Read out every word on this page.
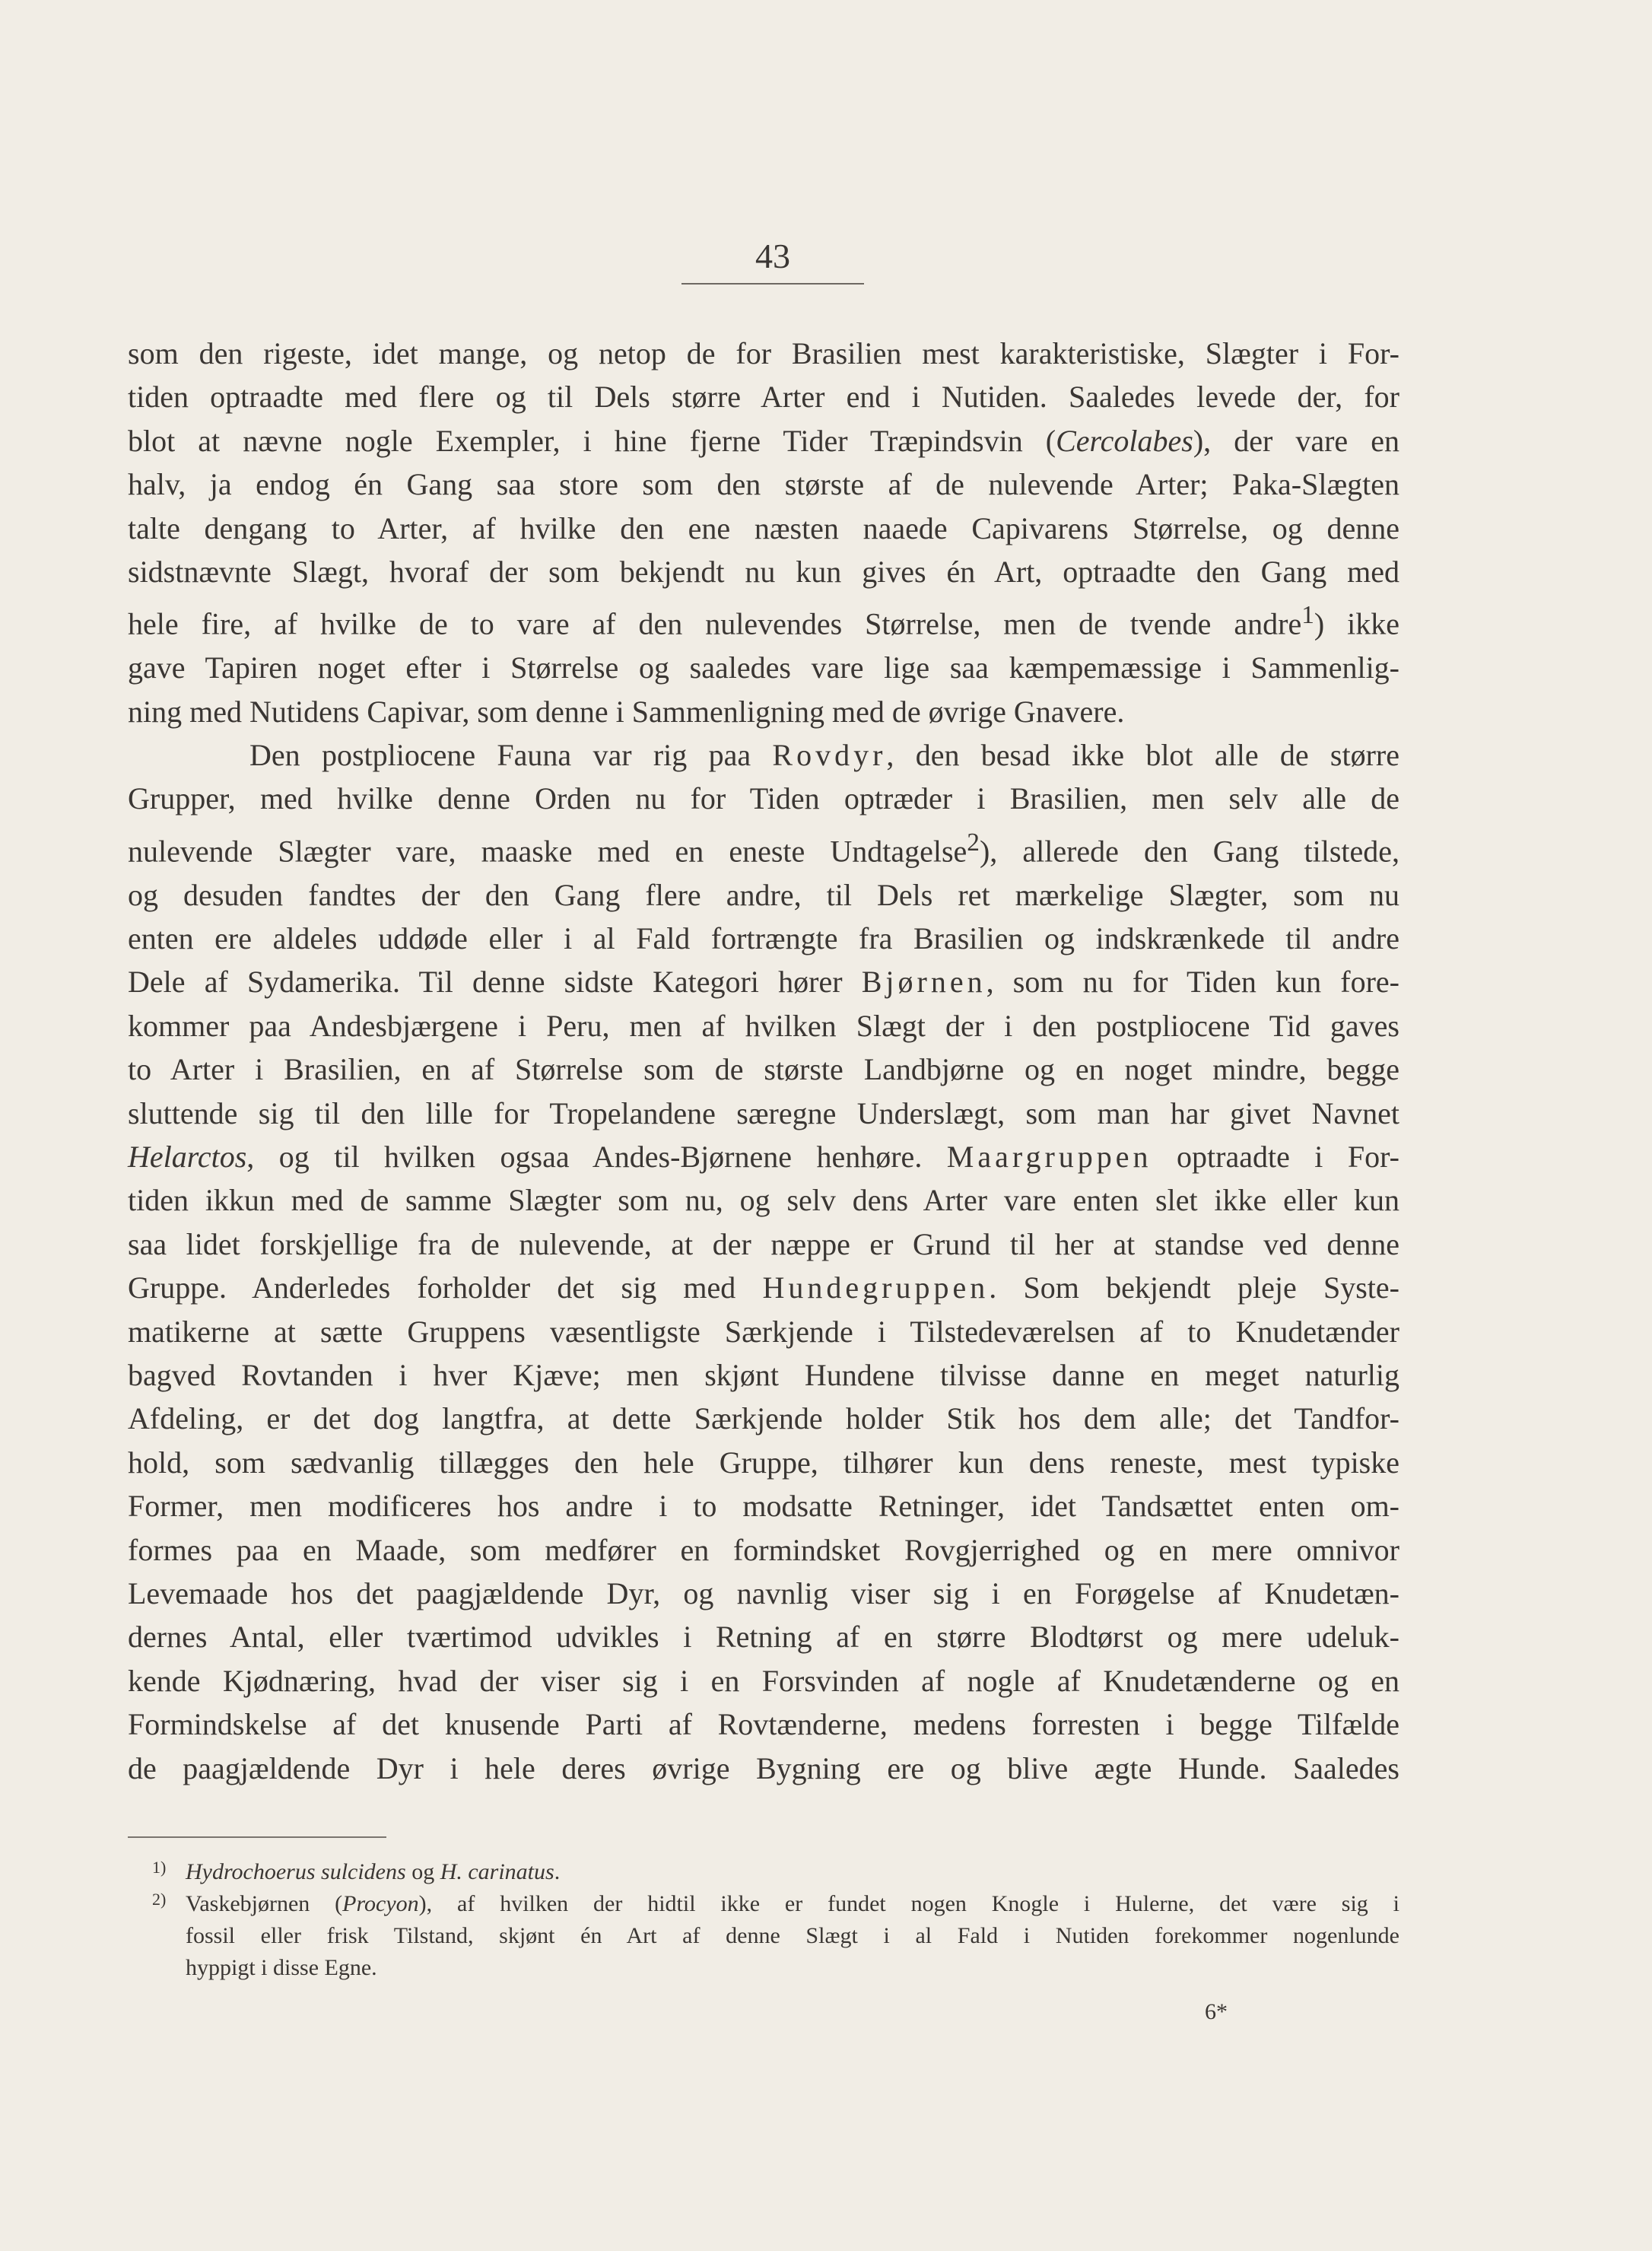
43

som den rigeste, idet mange, og netop de for Brasilien mest karakteristiske, Slægter i For-

tiden optraadte med flere og til Dels større Arter end i Nutiden. Saaledes levede der, for

blot at nævne nogle Exempler, i hine fjerne Tider Træpindsvin (Cercolabes), der vare en

halv, ja endog én Gang saa store som den største af de nulevende Arter; Paka-Slægten

talte dengang to Arter, af hvilke den ene næsten naaede Capivarens Størrelse, og denne

sidstnævnte Slægt, hvoraf der som bekjendt nu kun gives én Art, optraadte den Gang med

hele fire, af hvilke de to vare af den nulevendes Størrelse, men de tvende andre$^1$) ikke

gave Tapiren noget efter i Størrelse og saaledes vare lige saa kæmpemæssige i Sammenlig-

ning med Nutidens Capivar, som denne i Sammenligning med de øvrige Gnavere.

Den postpliocene Fauna var rig paa Rovdyr, den besad ikke blot alle de større

Grupper, med hvilke denne Orden nu for Tiden optræder i Brasilien, men selv alle de

nulevende Slægter vare, maaske med en eneste Undtagelse$^2$), allerede den Gang tilstede,

og desuden fandtes der den Gang flere andre, til Dels ret mærkelige Slægter, som nu

enten ere aldeles uddøde eller i al Fald fortrængte fra Brasilien og indskrænkede til andre

Dele af Sydamerika. Til denne sidste Kategori hører Bjørnen, som nu for Tiden kun fore-

kommer paa Andesbjærgene i Peru, men af hvilken Slægt der i den postpliocene Tid gaves

to Arter i Brasilien, en af Størrelse som de største Landbjørne og en noget mindre, begge

sluttende sig til den lille for Tropelandene særegne Underslægt, som man har givet Navnet

Helarctos, og til hvilken ogsaa Andes-Bjørnene henhøre. Maargruppen optraadte i For-

tiden ikkun med de samme Slægter som nu, og selv dens Arter vare enten slet ikke eller kun

saa lidet forskjellige fra de nulevende, at der næppe er Grund til her at standse ved denne

Gruppe. Anderledes forholder det sig med Hundegruppen. Som bekjendt pleje Syste-

matikerne at sætte Gruppens væsentligste Særkjende i Tilstedeværelsen af to Knudetænder

bagved Rovtanden i hver Kjæve; men skjønt Hundene tilvisse danne en meget naturlig

Afdeling, er det dog langtfra, at dette Særkjende holder Stik hos dem alle; det Tandfor-

hold, som sædvanlig tillægges den hele Gruppe, tilhører kun dens reneste, mest typiske

Former, men modificeres hos andre i to modsatte Retninger, idet Tandsættet enten om-

formes paa en Maade, som medfører en formindsket Rovgjerrighed og en mere omnivor

Levemaade hos det paagjældende Dyr, og navnlig viser sig i en Forøgelse af Knudetæn-

dernes Antal, eller tværtimod udvikles i Retning af en større Blodtørst og mere udeluk-

kende Kjødnæring, hvad der viser sig i en Forsvinden af nogle af Knudetænderne og en

Formindskelse af det knusende Parti af Rovtænderne, medens forresten i begge Tilfælde

de paagjældende Dyr i hele deres øvrige Bygning ere og blive ægte Hunde. Saaledes

1) Hydrochoerus sulcidens og H. carinatus.

2) Vaskebjørnen (Procyon), af hvilken der hidtil ikke er fundet nogen Knogle i Hulerne, det være sig i

fossil eller frisk Tilstand, skjønt én Art af denne Slægt i al Fald i Nutiden forekommer nogenlunde

hyppigt i disse Egne.

6*
